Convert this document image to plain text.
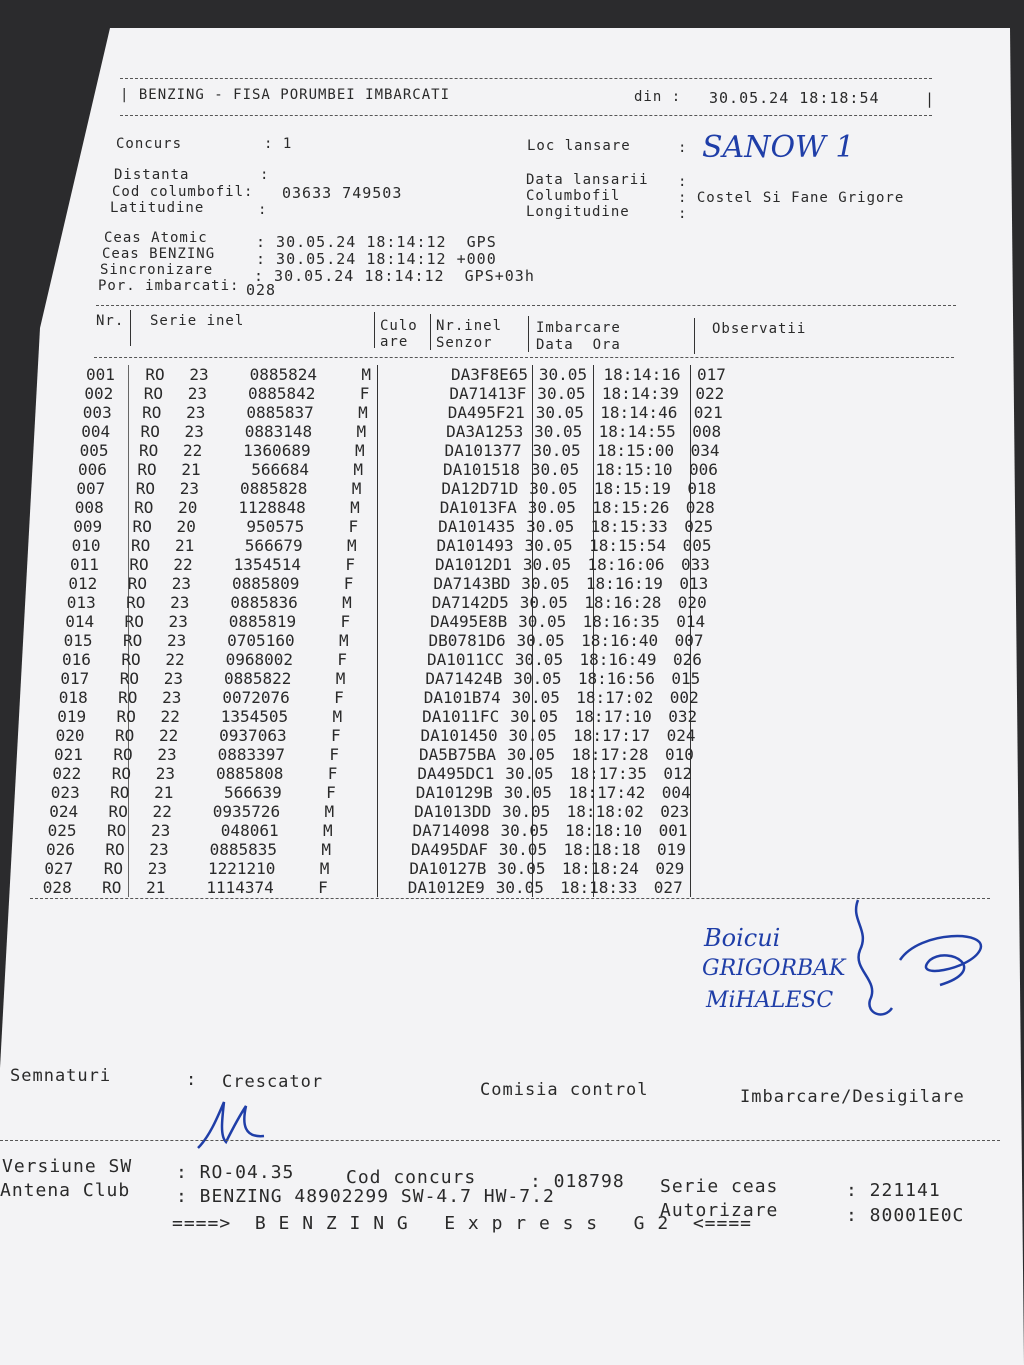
| BENZING - FISA PORUMBEI IMBARCATI	din : 30.05.24 18:18:54	|
Concurs	: 1	Loc lansare	: SANOW 1
Distanta	:
Cod columbofil: 03633 749503
Latitudine	:
Data lansarii :
Columbofil	: Costel Si Fane Grigore
Longitudine	:
Ceas Atomic	: 30.05.24 18:14:12  GPS
Ceas BENZING	: 30.05.24 18:14:12 +000
Sincronizare	: 30.05.24 18:14:12  GPS+03h
Por. imbarcati: 028
Nr. Serie inel	Culo
are
Nr.inel
Senzor
Imbarcare
Data  Ora
Observatii
001	RO	23	0885824	M	DA3F8E65	30.05	18:14:16	017
002	RO	23	0885842	F	DA71413F	30.05	18:14:39	022
003	RO	23	0885837	M	DA495F21	30.05	18:14:46	021
004	RO	23	0883148	M	DA3A1253	30.05	18:14:55	008
005	RO	22	1360689	M	DA101377	30.05	18:15:00	034
006	RO	21	566684	M	DA101518	30.05	18:15:10	006
007	RO	23	0885828	M	DA12D71D	30.05	18:15:19	018
008	RO	20	1128848	M	DA1013FA	30.05	18:15:26	028
009	RO	20	950575	F	DA101435	30.05	18:15:33	025
010	RO	21	566679	M	DA101493	30.05	18:15:54	005
011	RO	22	1354514	F	DA1012D1	30.05	18:16:06	033
012	RO	23	0885809	F	DA7143BD	30.05	18:16:19	013
013	RO	23	0885836	M	DA7142D5	30.05	18:16:28	020
014	RO	23	0885819	F	DA495E8B	30.05	18:16:35	014
015	RO	23	0705160	M	DB0781D6	30.05	18:16:40	007
016	RO	22	0968002	F	DA1011CC	30.05	18:16:49	026
017	RO	23	0885822	M	DA71424B	30.05	18:16:56	015
018	RO	23	0072076	F	DA101B74	30.05	18:17:02	002
019	RO	22	1354505	M	DA1011FC	30.05	18:17:10	032
020	RO	22	0937063	F	DA101450	30.05	18:17:17	024
021	RO	23	0883397	F	DA5B75BA	30.05	18:17:28	010
022	RO	23	0885808	F	DA495DC1	30.05	18:17:35	012
023	RO	21	566639	F	DA10129B	30.05	18:17:42	004
024	RO	22	0935726	M	DA1013DD	30.05	18:18:02	023
025	RO	23	048061	M	DA714098	30.05	18:18:10	001
026	RO	23	0885835	M	DA495DAF	30.05	18:18:18	019
027	RO	23	1221210	M	DA10127B	30.05	18:18:24	029
028	RO	21	1114374	F	DA1012E9	30.05	18:18:33	027
Boicui
GRIGORBAK
MiHALESC
Semnaturi	: Crescator	Comisia control	Imbarcare/Desigilare
Versiune SW : RO-04.35	Cod concurs	: 018798 Serie ceas	: 221141
Antena Club	: BENZING 48902299 SW-4.7 HW-7.2
Autorizare	: 80001E0C
====>  B E N Z I N G   E x p r e s s   G 2  <====
